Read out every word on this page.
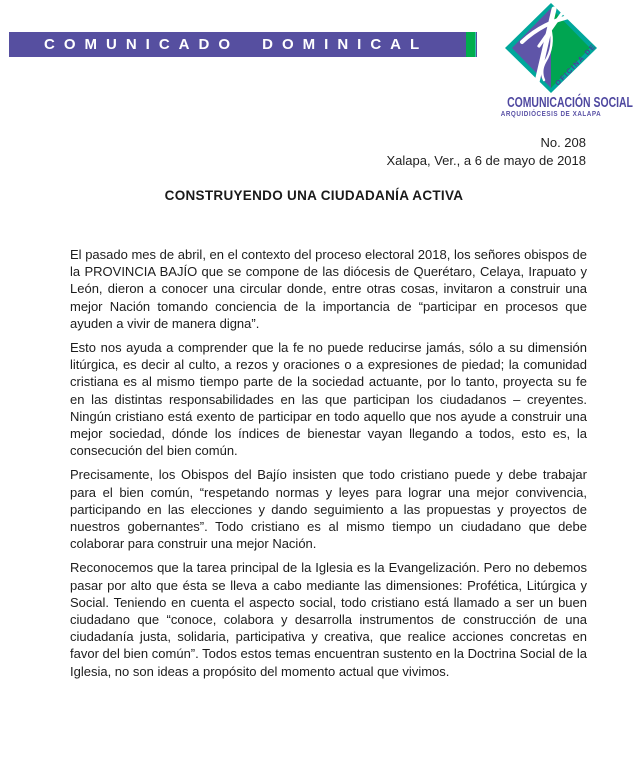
COMUNICADO DOMINICAL	OFICINA DE
COMUNICACIÓN SOCIAL
ARQUIDIÓCESIS DE XALAPA
No. 208
Xalapa, Ver., a 6 de mayo de 2018
CONSTRUYENDO UNA CIUDADANÍA ACTIVA

El pasado mes de abril, en el contexto del proceso electoral 2018, los señores obispos de la PROVINCIA BAJÍO que se compone de las diócesis de Querétaro, Celaya, Irapuato y León, dieron a conocer una circular donde, entre otras cosas, invitaron a construir una mejor Nación tomando conciencia de la importancia de “participar en procesos que ayuden a vivir de manera digna”.

Esto nos ayuda a comprender que la fe no puede reducirse jamás, sólo a su dimensión litúrgica, es decir al culto, a rezos y oraciones o a expresiones de piedad; la comunidad cristiana es al mismo tiempo parte de la sociedad actuante, por lo tanto, proyecta su fe en las distintas responsabilidades en las que participan los ciudadanos – creyentes. Ningún cristiano está exento de participar en todo aquello que nos ayude a construir una mejor sociedad, dónde los índices de bienestar vayan llegando a todos, esto es, la consecución del bien común.

Precisamente, los Obispos del Bajío insisten que todo cristiano puede y debe trabajar para el bien común, “respetando normas y leyes para lograr una mejor convivencia, participando en las elecciones y dando seguimiento a las propuestas y proyectos de nuestros gobernantes”. Todo cristiano es al mismo tiempo un ciudadano que debe colaborar para construir una mejor Nación.

Reconocemos que la tarea principal de la Iglesia es la Evangelización. Pero no debemos pasar por alto que ésta se lleva a cabo mediante las dimensiones: Profética, Litúrgica y Social. Teniendo en cuenta el aspecto social, todo cristiano está llamado a ser un buen ciudadano que “conoce, colabora y desarrolla instrumentos de construcción de una ciudadanía justa, solidaria, participativa y creativa, que realice acciones concretas en favor del bien común”. Todos estos temas encuentran sustento en la Doctrina Social de la Iglesia, no son ideas a propósito del momento actual que vivimos.
